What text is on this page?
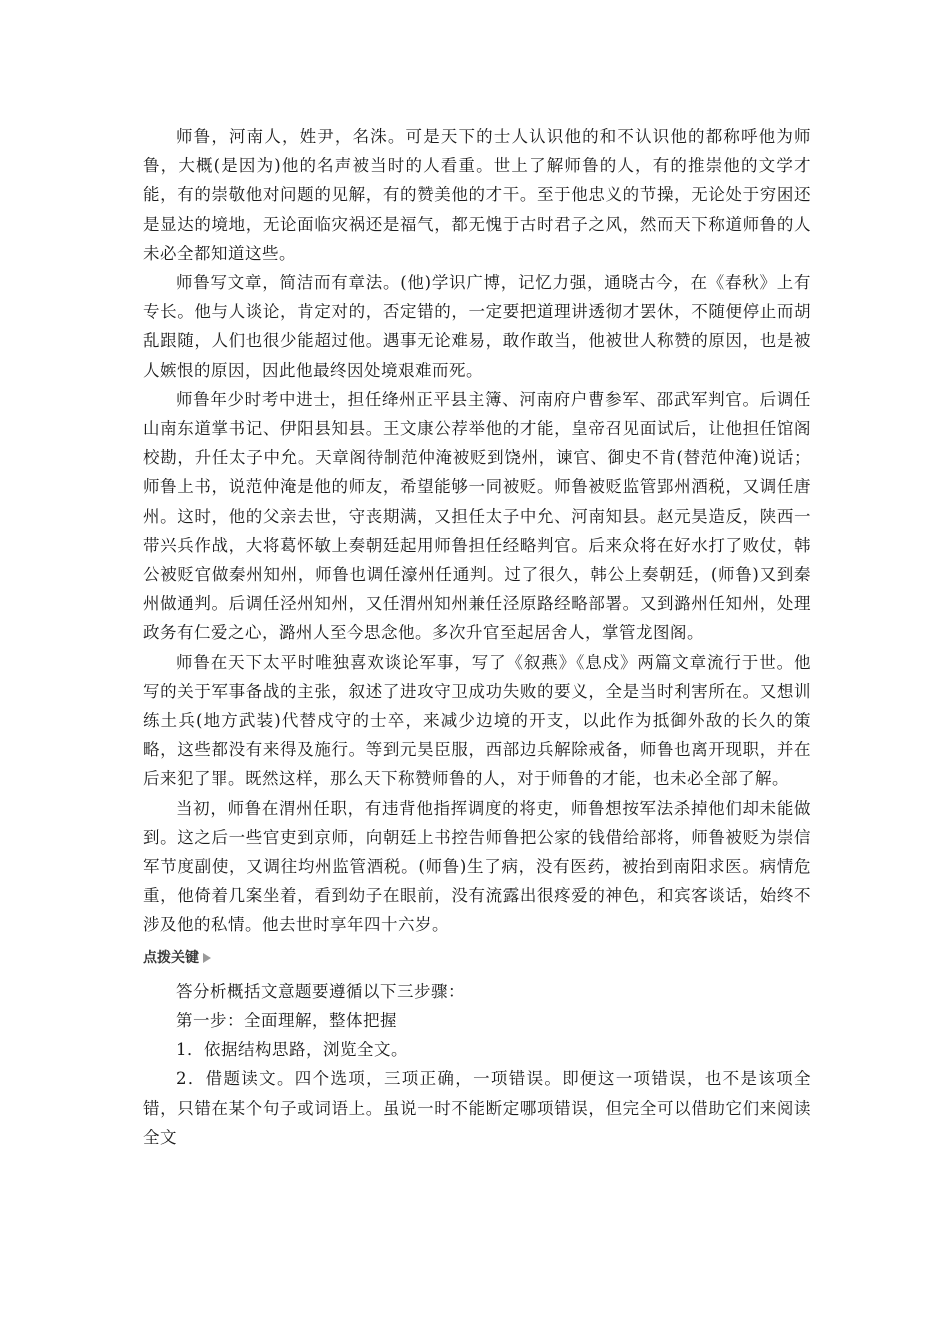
师鲁，河南人，姓尹，名洙。可是天下的士人认识他的和不认识他的都称呼他为师鲁，大概(是因为)他的名声被当时的人看重。世上了解师鲁的人，有的推崇他的文学才能，有的崇敬他对问题的见解，有的赞美他的才干。至于他忠义的节操，无论处于穷困还是显达的境地，无论面临灾祸还是福气，都无愧于古时君子之风，然而天下称道师鲁的人未必全都知道这些。

师鲁写文章，简洁而有章法。(他)学识广博，记忆力强，通晓古今，在《春秋》上有专长。他与人谈论，肯定对的，否定错的，一定要把道理讲透彻才罢休，不随便停止而胡乱跟随，人们也很少能超过他。遇事无论难易，敢作敢当，他被世人称赞的原因，也是被人嫉恨的原因，因此他最终因处境艰难而死。

师鲁年少时考中进士，担任绛州正平县主簿、河南府户曹参军、邵武军判官。后调任山南东道掌书记、伊阳县知县。王文康公荐举他的才能，皇帝召见面试后，让他担任馆阁校勘，升任太子中允。天章阁待制范仲淹被贬到饶州，谏官、御史不肯(替范仲淹)说话；师鲁上书，说范仲淹是他的师友，希望能够一同被贬。师鲁被贬监管郢州酒税，又调任唐州。这时，他的父亲去世，守丧期满，又担任太子中允、河南知县。赵元昊造反，陕西一带兴兵作战，大将葛怀敏上奏朝廷起用师鲁担任经略判官。后来众将在好水打了败仗，韩公被贬官做秦州知州，师鲁也调任濠州任通判。过了很久，韩公上奏朝廷，(师鲁)又到秦州做通判。后调任泾州知州，又任渭州知州兼任泾原路经略部署。又到潞州任知州，处理政务有仁爱之心，潞州人至今思念他。多次升官至起居舍人，掌管龙图阁。

师鲁在天下太平时唯独喜欢谈论军事，写了《叙燕》《息戍》两篇文章流行于世。他写的关于军事备战的主张，叙述了进攻守卫成功失败的要义，全是当时利害所在。又想训练土兵(地方武装)代替戍守的士卒，来减少边境的开支，以此作为抵御外敌的长久的策略，这些都没有来得及施行。等到元昊臣服，西部边兵解除戒备，师鲁也离开现职，并在后来犯了罪。既然这样，那么天下称赞师鲁的人，对于师鲁的才能，也未必全部了解。

当初，师鲁在渭州任职，有违背他指挥调度的将吏，师鲁想按军法杀掉他们却未能做到。这之后一些官吏到京师，向朝廷上书控告师鲁把公家的钱借给部将，师鲁被贬为崇信军节度副使，又调往均州监管酒税。(师鲁)生了病，没有医药，被抬到南阳求医。病情危重，他倚着几案坐着，看到幼子在眼前，没有流露出很疼爱的神色，和宾客谈话，始终不涉及他的私情。他去世时享年四十六岁。

点拨关键

答分析概括文意题要遵循以下三步骤：

第一步：全面理解，整体把握

1．依据结构思路，浏览全文。

2．借题读文。四个选项，三项正确，一项错误。即便这一项错误，也不是该项全错，只错在某个句子或词语上。虽说一时不能断定哪项错误，但完全可以借助它们来阅读全文
